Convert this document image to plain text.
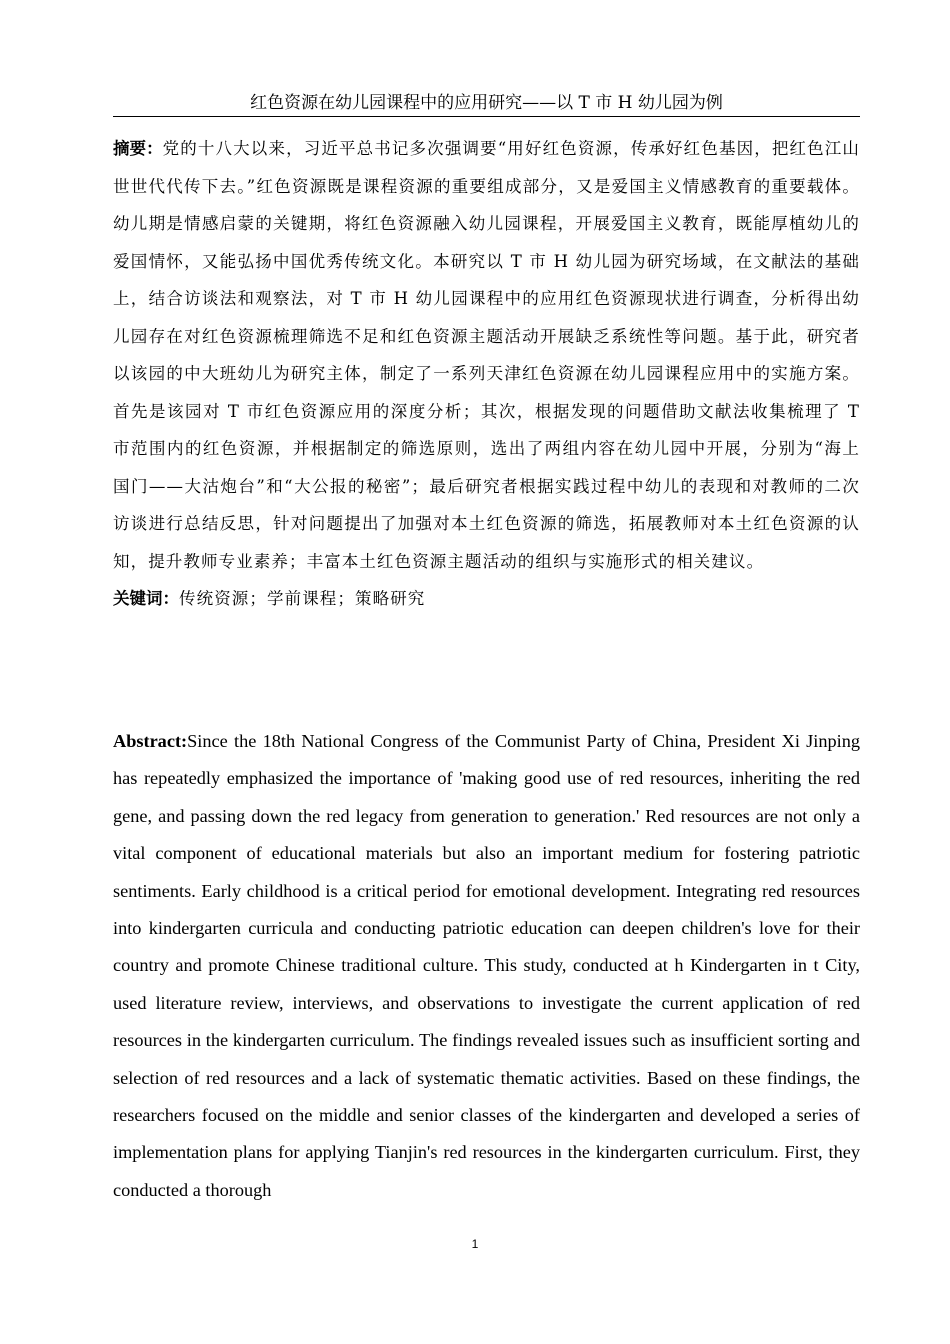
红色资源在幼儿园课程中的应用研究——以 T 市 H 幼儿园为例

摘要：党的十八大以来，习近平总书记多次强调要“用好红色资源，传承好红色基因，把红色江山世世代代传下去。”红色资源既是课程资源的重要组成部分，又是爱国主义情感教育的重要载体。幼儿期是情感启蒙的关键期，将红色资源融入幼儿园课程，开展爱国主义教育，既能厚植幼儿的爱国情怀，又能弘扬中国优秀传统文化。本研究以 T 市 H 幼儿园为研究场域，在文献法的基础上，结合访谈法和观察法，对 T 市 H 幼儿园课程中的应用红色资源现状进行调查，分析得出幼儿园存在对红色资源梳理筛选不足和红色资源主题活动开展缺乏系统性等问题。基于此，研究者以该园的中大班幼儿为研究主体，制定了一系列天津红色资源在幼儿园课程应用中的实施方案。首先是该园对 T 市红色资源应用的深度分析；其次，根据发现的问题借助文献法收集梳理了 T 市范围内的红色资源，并根据制定的筛选原则，选出了两组内容在幼儿园中开展，分别为“海上国门——大沽炮台”和“大公报的秘密”；最后研究者根据实践过程中幼儿的表现和对教师的二次访谈进行总结反思，针对问题提出了加强对本土红色资源的筛选，拓展教师对本土红色资源的认知，提升教师专业素养；丰富本土红色资源主题活动的组织与实施形式的相关建议。

关键词：传统资源；学前课程；策略研究

Abstract:Since the 18th National Congress of the Communist Party of China, President Xi Jinping has repeatedly emphasized the importance of 'making good use of red resources, inheriting the red gene, and passing down the red legacy from generation to generation.' Red resources are not only a vital component of educational materials but also an important medium for fostering patriotic sentiments. Early childhood is a critical period for emotional development. Integrating red resources into kindergarten curricula and conducting patriotic education can deepen children's love for their country and promote Chinese traditional culture. This study, conducted at h Kindergarten in t City, used literature review, interviews, and observations to investigate the current application of red resources in the kindergarten curriculum. The findings revealed issues such as insufficient sorting and selection of red resources and a lack of systematic thematic activities. Based on these findings, the researchers focused on the middle and senior classes of the kindergarten and developed a series of implementation plans for applying Tianjin's red resources in the kindergarten curriculum. First, they conducted a thorough

1
